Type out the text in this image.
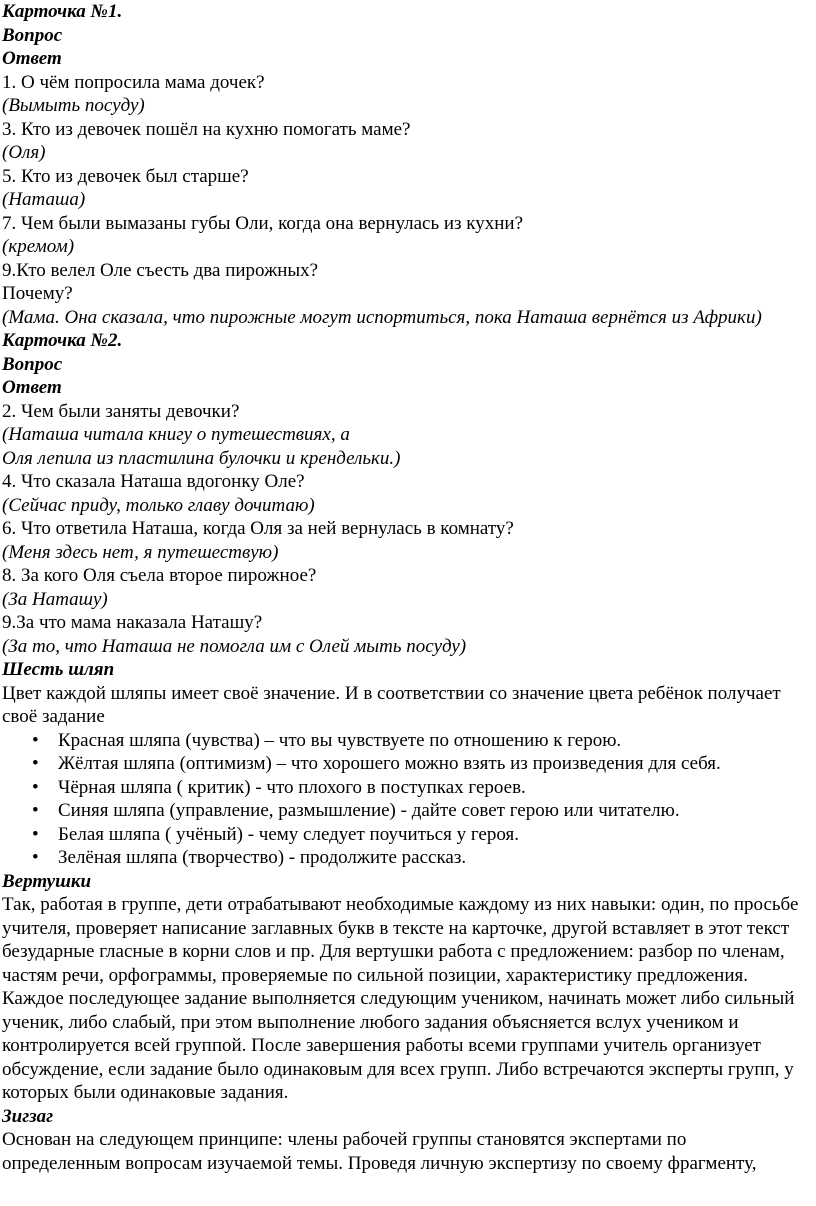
Карточка №1.
Вопрос
Ответ
1. О чём попросила мама дочек?
(Вымыть посуду)
3. Кто из девочек пошёл на кухню помогать маме?
(Оля)
5. Кто из девочек был старше?
(Наташа)
7. Чем были вымазаны губы Оли, когда она вернулась из кухни?
(кремом)
9.Кто велел Оле съесть два пирожных?
Почему?
(Мама. Она сказала, что пирожные могут испортиться, пока Наташа вернётся из Африки)
Карточка №2.
Вопрос
Ответ
2. Чем были заняты девочки?
(Наташа читала книгу о путешествиях, а
Оля лепила из пластилина булочки и крендельки.)
4. Что сказала Наташа вдогонку Оле?
(Сейчас приду, только главу дочитаю)
6. Что ответила Наташа, когда Оля за ней вернулась в комнату?
(Меня здесь нет, я путешествую)
8. За кого Оля съела второе пирожное?
(За Наташу)
9.За что мама наказала Наташу?
(За то, что Наташа не помогла им с Олей мыть посуду)
Шесть шляп
Цвет каждой шляпы имеет своё значение. И в соответствии со значение цвета ребёнок получает
своё задание
• Красная шляпа (чувства) – что вы чувствуете по отношению к герою.
• Жёлтая шляпа (оптимизм) – что хорошего можно взять из произведения для себя.
• Чёрная шляпа ( критик) - что плохого в поступках героев.
• Синяя шляпа (управление, размышление) - дайте совет герою или читателю.
• Белая шляпа ( учёный) - чему следует поучиться у героя.
• Зелёная шляпа (творчество) - продолжите рассказ.
Вертушки
Так, работая в группе, дети отрабатывают необходимые каждому из них навыки: один, по просьбе
учителя, проверяет написание заглавных букв в тексте на карточке, другой вставляет в этот текст
безударные гласные в корни слов и пр. Для вертушки работа с предложением: разбор по членам,
частям речи, орфограммы, проверяемые по сильной позиции, характеристику предложения.
Каждое последующее задание выполняется следующим учеником, начинать может либо сильный
ученик, либо слабый, при этом выполнение любого задания объясняется вслух учеником и
контролируется всей группой. После завершения работы всеми группами учитель организует
обсуждение, если задание было одинаковым для всех групп. Либо встречаются эксперты групп, у
которых были одинаковые задания.
Зигзаг
Основан на следующем принципе: члены рабочей группы становятся экспертами по
определенным вопросам изучаемой темы. Проведя личную экспертизу по своему фрагменту,
